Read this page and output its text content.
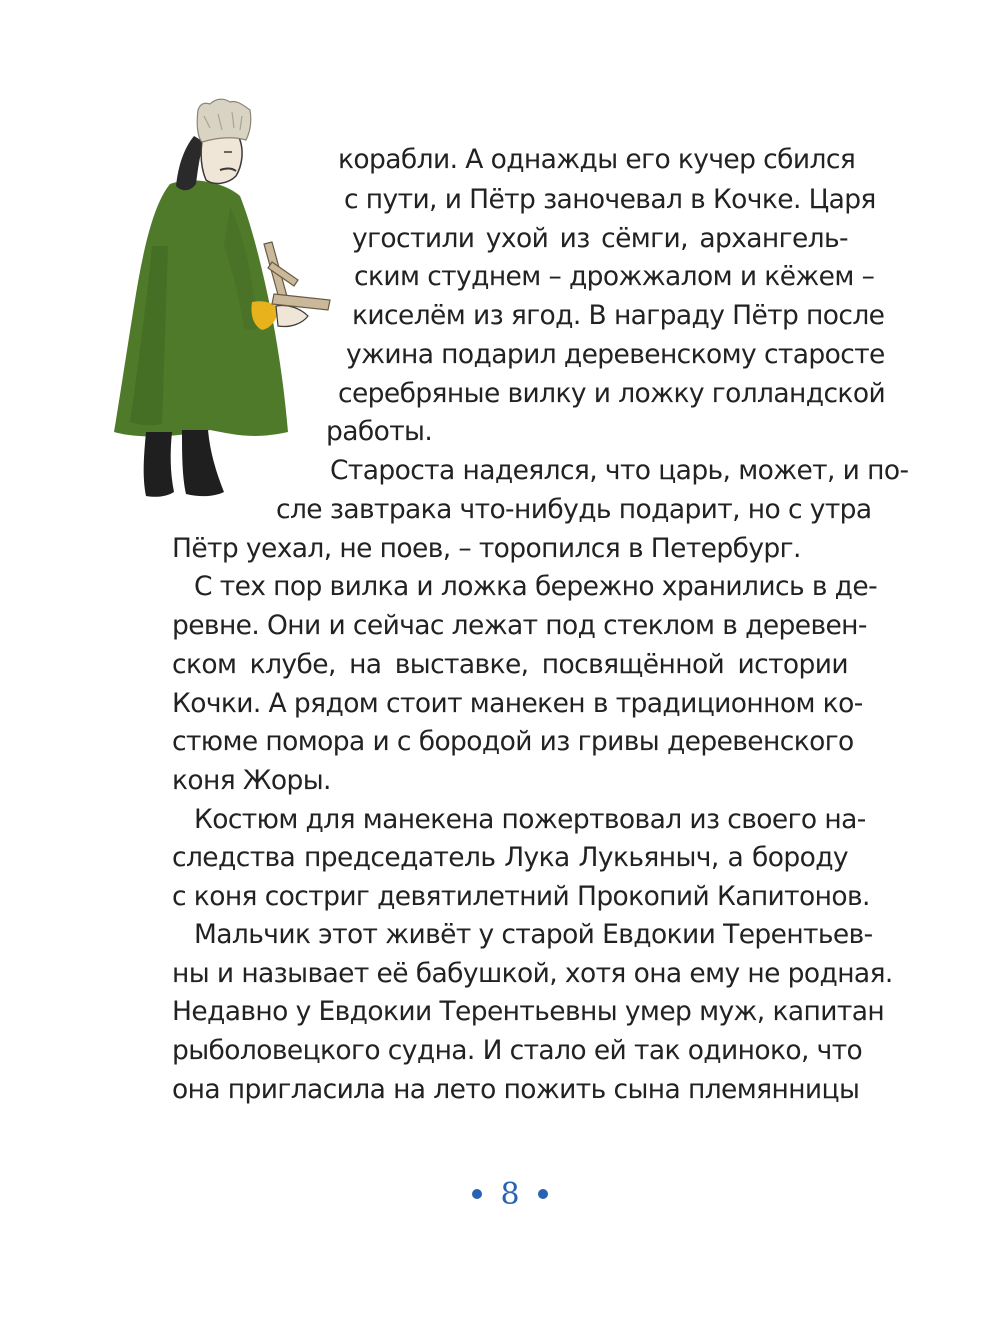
корабли. А однажды его кучер сбился
с пути, и Пётр заночевал в Кочке. Царя
угостили ухой из сёмги, архангель-
ским студнем – дрожжалом и кёжем –
киселём из ягод. В награду Пётр после
ужина подарил деревенскому старосте
серебряные вилку и ложку голландской
работы.
Староста надеялся, что царь, может, и по-
сле завтрака что-нибудь подарит, но с утра
Пётр уехал, не поев, – торопился в Петербург.
С тех пор вилка и ложка бережно хранились в де-
ревне. Они и сейчас лежат под стеклом в деревен-
ском клубе, на выставке, посвящённой истории
Кочки. А рядом стоит манекен в традиционном ко-
стюме помора и с бородой из гривы деревенского
коня Жоры.
Костюм для манекена пожертвовал из своего на-
следства председатель Лука Лукьяныч, а бороду
с коня состриг девятилетний Прокопий Капитонов.
Мальчик этот живёт у старой Евдокии Терентьев-
ны и называет её бабушкой, хотя она ему не родная.
Недавно у Евдокии Терентьевны умер муж, капитан
рыболовецкого судна. И стало ей так одиноко, что
она пригласила на лето пожить сына племянницы
8
